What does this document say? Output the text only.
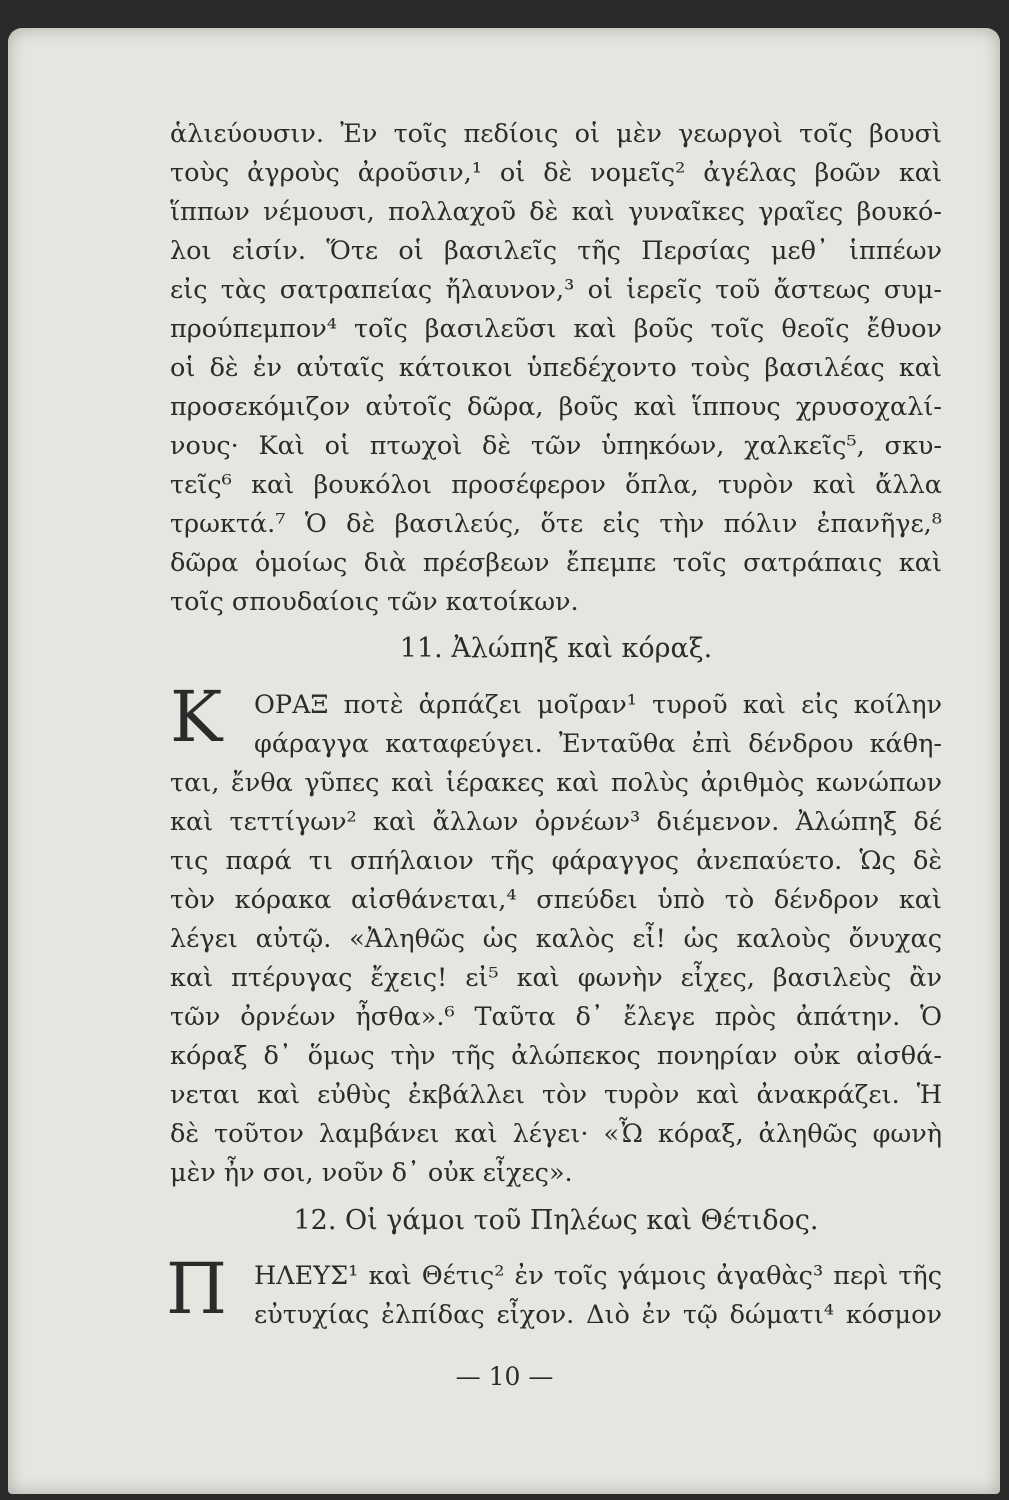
ἁλιεύουσιν. Ἐν τοῖς πεδίοις οἱ μὲν γεωργοὶ τοῖς βουσὶ
τοὺς ἀγροὺς ἀροῦσιν,¹ οἱ δὲ νομεῖς² ἀγέλας βοῶν καὶ
ἵππων νέμουσι, πολλαχοῦ δὲ καὶ γυναῖκες γραῖες βουκό-
λοι εἰσίν. Ὅτε οἱ βασιλεῖς τῆς Περσίας μεθ᾽ ἱππέων
εἰς τὰς σατραπείας ἤλαυνον,³ οἱ ἱερεῖς τοῦ ἄστεως συμ-
προύπεμπον⁴ τοῖς βασιλεῦσι καὶ βοῦς τοῖς θεοῖς ἔθυον
οἱ δὲ ἐν αὐταῖς κάτοικοι ὑπεδέχοντο τοὺς βασιλέας καὶ
προσεκόμιζον αὐτοῖς δῶρα, βοῦς καὶ ἵππους χρυσοχαλί-
νους· Καὶ οἱ πτωχοὶ δὲ τῶν ὑπηκόων, χαλκεῖς⁵, σκυ-
τεῖς⁶ καὶ βουκόλοι προσέφερον ὅπλα, τυρὸν καὶ ἄλλα
τρωκτά.⁷ Ὁ δὲ βασιλεύς, ὅτε εἰς τὴν πόλιν ἐπανῆγε,⁸
δῶρα ὁμοίως διὰ πρέσβεων ἔπεμπε τοῖς σατράπαις καὶ
τοῖς σπουδαίοις τῶν κατοίκων.
11. Ἀλώπηξ καὶ κόραξ.
Κ ΟΡΑΞ ποτὲ ἁρπάζει μοῖραν¹ τυροῦ καὶ εἰς κοίλην
φάραγγα καταφεύγει. Ἐνταῦθα ἐπὶ δένδρου κάθη-
ται, ἔνθα γῦπες καὶ ἱέρακες καὶ πολὺς ἀριθμὸς κωνώπων
καὶ τεττίγων² καὶ ἄλλων ὀρνέων³ διέμενον. Ἀλώπηξ δέ
τις παρά τι σπήλαιον τῆς φάραγγος ἀνεπαύετο. Ὡς δὲ
τὸν κόρακα αἰσθάνεται,⁴ σπεύδει ὑπὸ τὸ δένδρον καὶ
λέγει αὐτῷ. «Ἀληθῶς ὡς καλὸς εἶ! ὡς καλοὺς ὄνυχας
καὶ πτέρυγας ἔχεις! εἰ⁵ καὶ φωνὴν εἶχες, βασιλεὺς ἂν
τῶν ὀρνέων ἦσθα».⁶ Ταῦτα δ᾽ ἔλεγε πρὸς ἀπάτην. Ὁ
κόραξ δ᾽ ὅμως τὴν τῆς ἀλώπεκος πονηρίαν οὐκ αἰσθά-
νεται καὶ εὐθὺς ἐκβάλλει τὸν τυρὸν καὶ ἀνακράζει. Ἡ
δὲ τοῦτον λαμβάνει καὶ λέγει· «Ὦ κόραξ, ἀληθῶς φωνὴ
μὲν ἦν σοι, νοῦν δ᾽ οὐκ εἶχες».
12. Οἱ γάμοι τοῦ Πηλέως καὶ Θέτιδος.
Π ΗΛΕΥΣ¹ καὶ Θέτις² ἐν τοῖς γάμοις ἀγαθὰς³ περὶ τῆς
εὐτυχίας ἐλπίδας εἶχον. Διὸ ἐν τῷ δώματι⁴ κόσμον
— 10 —
